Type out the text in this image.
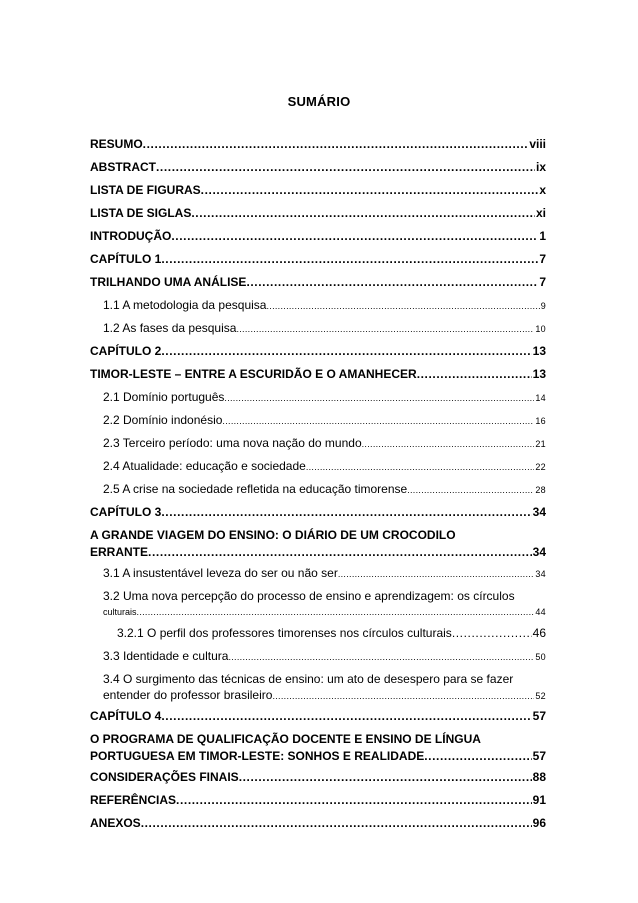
SUMÁRIO
RESUMO .....	viii
ABSTRACT .....	ix
LISTA DE FIGURAS .....	x
LISTA DE SIGLAS .....	xi
INTRODUÇÃO .....	1
CAPÍTULO 1 .....	7
TRILHANDO UMA ANÁLISE .....	7
1.1 A metodologia da pesquisa .....	9
1.2 As fases da pesquisa .....	10
CAPÍTULO 2 .....	13
TIMOR-LESTE – ENTRE A ESCURIDÃO E O AMANHECER .....	13
2.1 Domínio português .....	14
2.2 Domínio indonésio .....	16
2.3 Terceiro período: uma nova nação do mundo .....	21
2.4 Atualidade: educação e sociedade .....	22
2.5 A crise na sociedade refletida na educação timorense .....	28
CAPÍTULO 3 .....	34
A GRANDE VIAGEM DO ENSINO: O DIÁRIO DE UM CROCODILO
ERRANTE .....	34
3.1 A insustentável leveza do ser ou não ser .....	34
3.2 Uma nova percepção do processo de ensino e aprendizagem: os círculos
culturais .....	44
3.2.1 O perfil dos professores timorenses nos círculos culturais .....	46
3.3 Identidade e cultura .....	50
3.4 O surgimento das técnicas de ensino: um ato de desespero para se fazer
entender do professor brasileiro .....	52
CAPÍTULO 4 .....	57
O PROGRAMA DE QUALIFICAÇÃO DOCENTE E ENSINO DE LÍNGUA
PORTUGUESA EM TIMOR-LESTE: SONHOS E REALIDADE .....	57
CONSIDERAÇÕES FINAIS .....	88
REFERÊNCIAS .....	91
ANEXOS .....	96
